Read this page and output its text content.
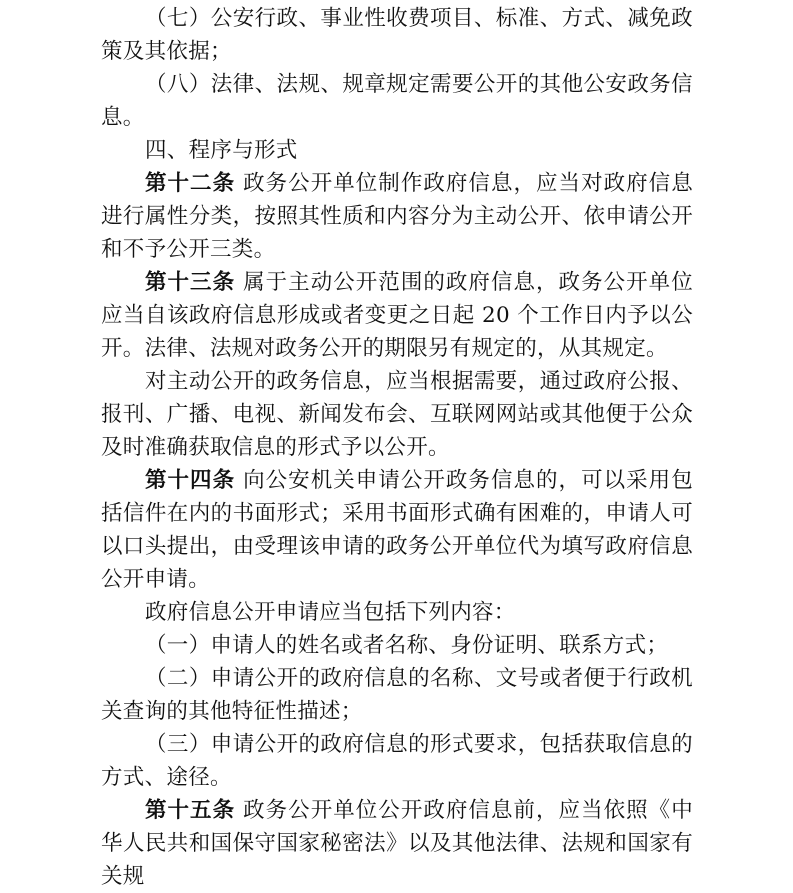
（七）公安行政、事业性收费项目、标准、方式、减免政策及其依据；

（八）法律、法规、规章规定需要公开的其他公安政务信息。

四、程序与形式

第十二条 政务公开单位制作政府信息，应当对政府信息进行属性分类，按照其性质和内容分为主动公开、依申请公开和不予公开三类。

第十三条 属于主动公开范围的政府信息，政务公开单位应当自该政府信息形成或者变更之日起 20 个工作日内予以公开。法律、法规对政务公开的期限另有规定的，从其规定。

对主动公开的政务信息，应当根据需要，通过政府公报、报刊、广播、电视、新闻发布会、互联网网站或其他便于公众及时准确获取信息的形式予以公开。

第十四条 向公安机关申请公开政务信息的，可以采用包括信件在内的书面形式；采用书面形式确有困难的，申请人可以口头提出，由受理该申请的政务公开单位代为填写政府信息公开申请。

政府信息公开申请应当包括下列内容：

（一）申请人的姓名或者名称、身份证明、联系方式；

（二）申请公开的政府信息的名称、文号或者便于行政机关查询的其他特征性描述；

（三）申请公开的政府信息的形式要求，包括获取信息的方式、途径。

第十五条 政务公开单位公开政府信息前，应当依照《中华人民共和国保守国家秘密法》以及其他法律、法规和国家有关规
